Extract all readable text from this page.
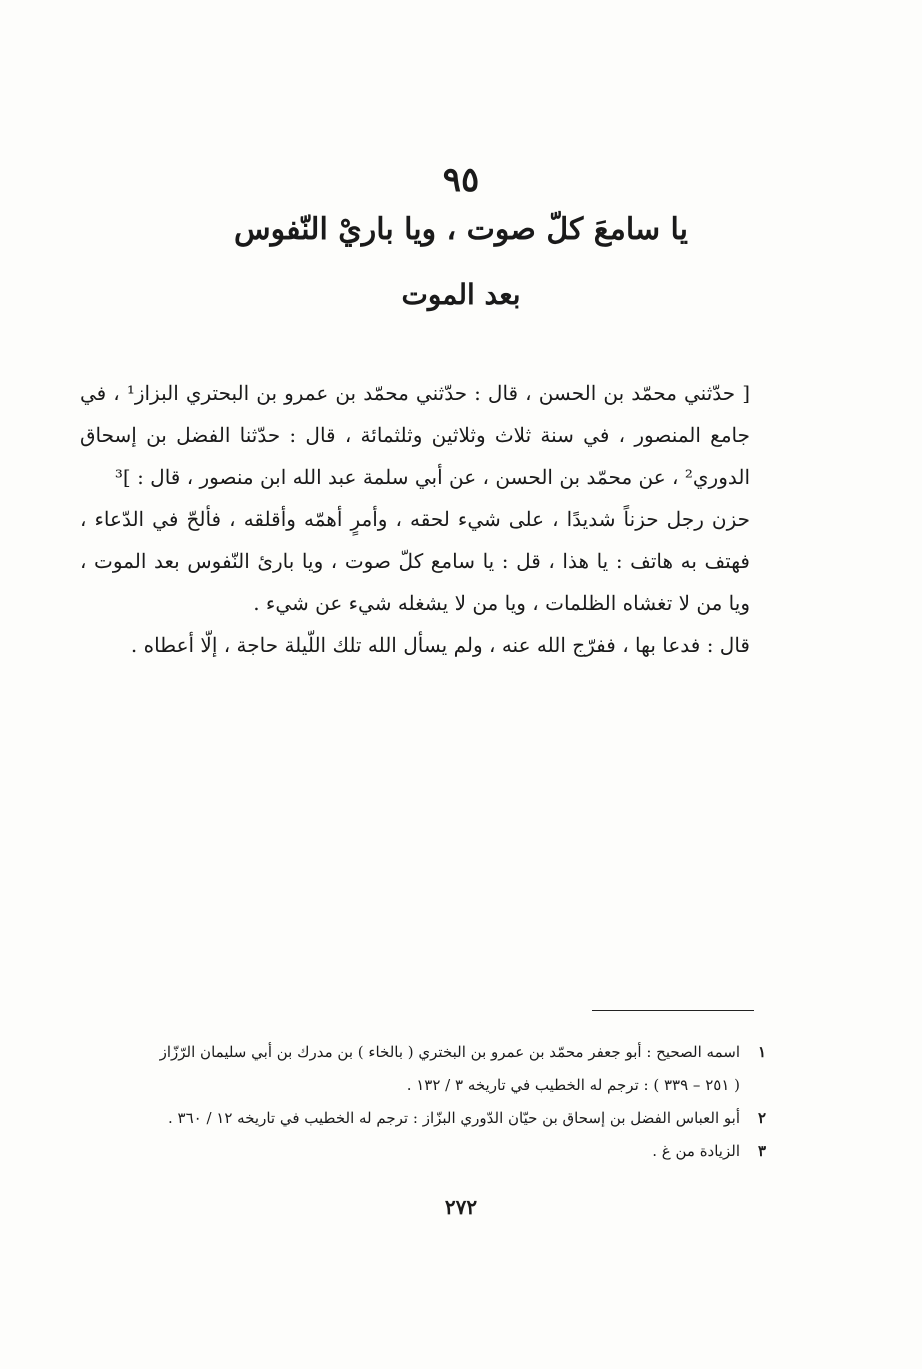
٩٥
يا سامعَ كلّ صوت ، ويا باريْ النّفوس
بعد الموت

[ حدّثني محمّد بن الحسن ، قال : حدّثني محمّد بن عمرو بن البحتري البزاز¹ ، في جامع المنصور ، في سنة ثلاث وثلاثين وثلثمائة ، قال : حدّثنا الفضل بن إسحاق الدوري² ، عن محمّد بن الحسن ، عن أبي سلمة عبد الله ابن منصور ، قال : ]³

حزن رجل حزناً شديدًا ، على شيء لحقه ، وأمرٍ أهمّه وأقلقه ، فألحّ في الدّعاء ، فهتف به هاتف : يا هذا ، قل : يا سامع كلّ صوت ، ويا بارئ النّفوس بعد الموت ، ويا من لا تغشاه الظلمات ، ويا من لا يشغله شيء عن شيء .

قال : فدعا بها ، ففرّج الله عنه ، ولم يسأل الله تلك اللّيلة حاجة ، إلّا أعطاه .

١
اسمه الصحيح : أبو جعفر محمّد بن عمرو بن البختري ( بالخاء ) بن مدرك بن أبي سليمان الرّزّاز
( ٢٥١ – ٣٣٩ ) : ترجم له الخطيب في تاريخه ٣ / ١٣٢ .
٢
أبو العباس الفضل بن إسحاق بن حيّان الدّوري البزّاز : ترجم له الخطيب في تاريخه ١٢ / ٣٦٠ .
٣
الزيادة من غ .
٢٧٢
